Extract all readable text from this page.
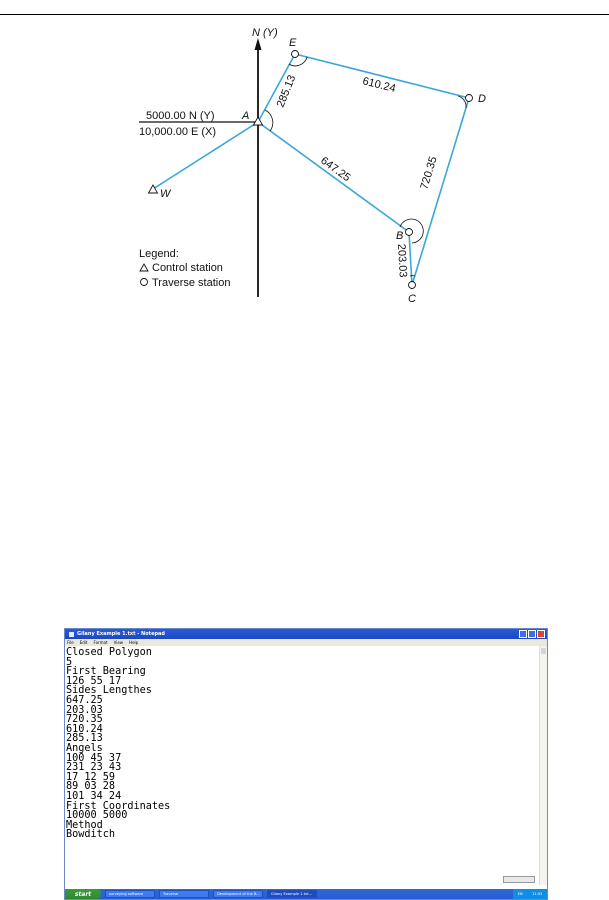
N (Y)
5000.00 N (Y)
10,000.00 E (X)
A
E
D
B
C
W
285.13	610.24
647.25	720.35
203.03
Legend:
Control station
Traverse station
Gilany Example 1.txt - Notepad
File Edit Format View Help
Closed Polygon
5
First Bearing
126 55 17
Sides Lengthes
647.25
203.03
720.35
610.24
285.13
Angels
100 45 37
231 23 43
17 12 59
89 03 28
101 34 24
First Coordinates
10000 5000
Method
Bowditch
start	surveying software	Traverse	Development of the B...	Gilany Example 1.txt...	EN	11:03
